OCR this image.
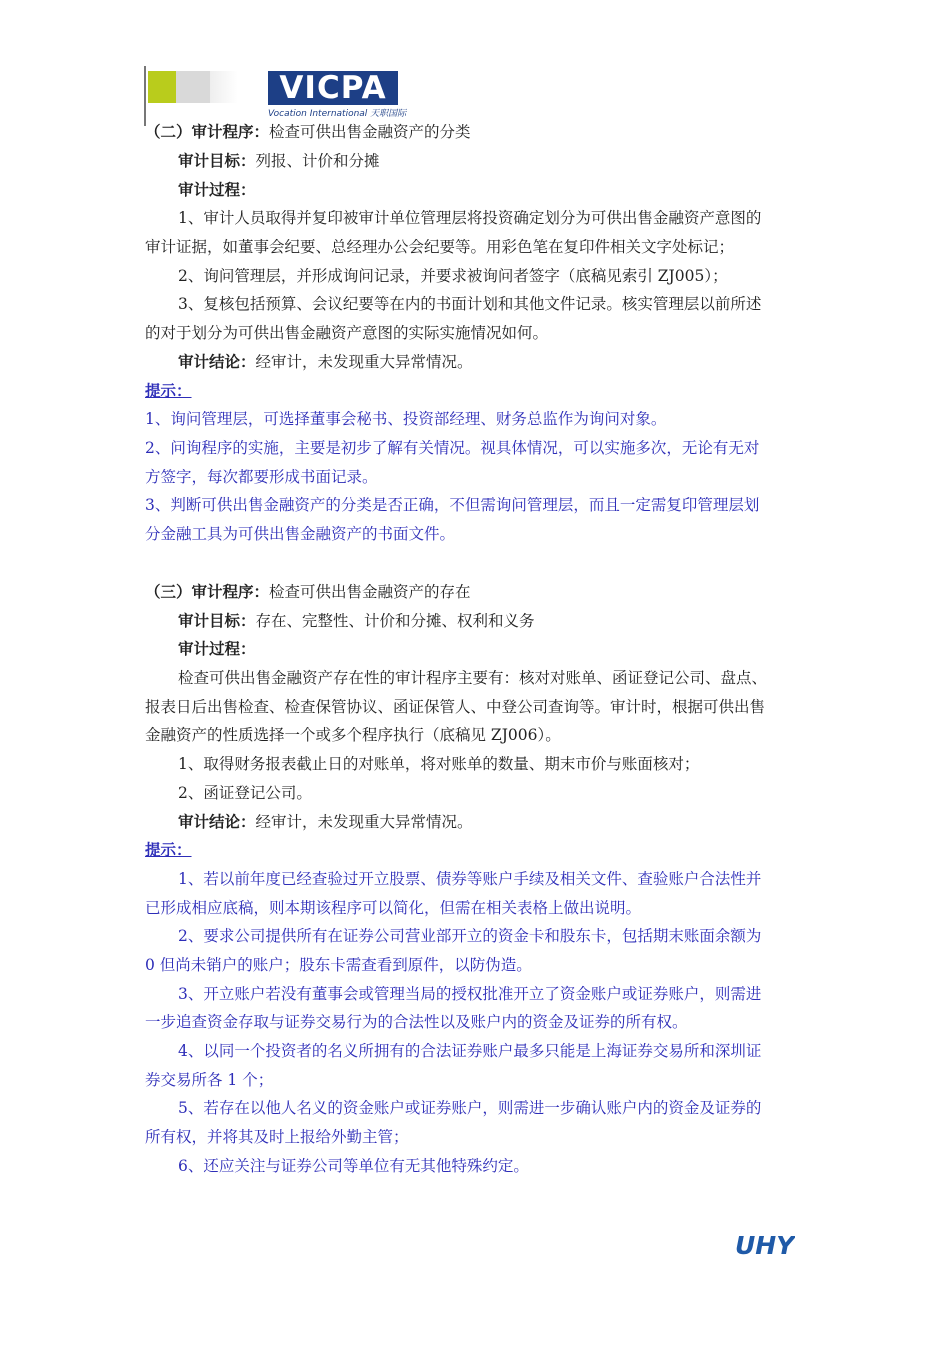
VICPA
Vocation International 天职国际
（二）审计程序：检查可供出售金融资产的分类
审计目标：列报、计价和分摊
审计过程：
1、审计人员取得并复印被审计单位管理层将投资确定划分为可供出售金融资产意图的
审计证据，如董事会纪要、总经理办公会纪要等。用彩色笔在复印件相关文字处标记；
2、询问管理层，并形成询问记录，并要求被询问者签字（底稿见索引 ZJ005）；
3、复核包括预算、会议纪要等在内的书面计划和其他文件记录。核实管理层以前所述
的对于划分为可供出售金融资产意图的实际实施情况如何。
审计结论：经审计，未发现重大异常情况。
提示：
1、询问管理层，可选择董事会秘书、投资部经理、财务总监作为询问对象。
2、问询程序的实施，主要是初步了解有关情况。视具体情况，可以实施多次，无论有无对
方签字，每次都要形成书面记录。
3、判断可供出售金融资产的分类是否正确，不但需询问管理层，而且一定需复印管理层划
分金融工具为可供出售金融资产的书面文件。
（三）审计程序：检查可供出售金融资产的存在
审计目标：存在、完整性、计价和分摊、权利和义务
审计过程：
检查可供出售金融资产存在性的审计程序主要有：核对对账单、函证登记公司、盘点、
报表日后出售检查、检查保管协议、函证保管人、中登公司查询等。审计时，根据可供出售
金融资产的性质选择一个或多个程序执行（底稿见 ZJ006）。
1、取得财务报表截止日的对账单，将对账单的数量、期末市价与账面核对；
2、函证登记公司。
审计结论：经审计，未发现重大异常情况。
提示：
1、若以前年度已经查验过开立股票、债券等账户手续及相关文件、查验账户合法性并
已形成相应底稿，则本期该程序可以简化，但需在相关表格上做出说明。
2、要求公司提供所有在证券公司营业部开立的资金卡和股东卡，包括期末账面余额为
0 但尚未销户的账户；股东卡需查看到原件，以防伪造。
3、开立账户若没有董事会或管理当局的授权批准开立了资金账户或证券账户，则需进
一步追查资金存取与证券交易行为的合法性以及账户内的资金及证券的所有权。
4、以同一个投资者的名义所拥有的合法证券账户最多只能是上海证券交易所和深圳证
券交易所各 1 个；
5、若存在以他人名义的资金账户或证券账户，则需进一步确认账户内的资金及证券的
所有权，并将其及时上报给外勤主管；
6、还应关注与证券公司等单位有无其他特殊约定。
UHY
